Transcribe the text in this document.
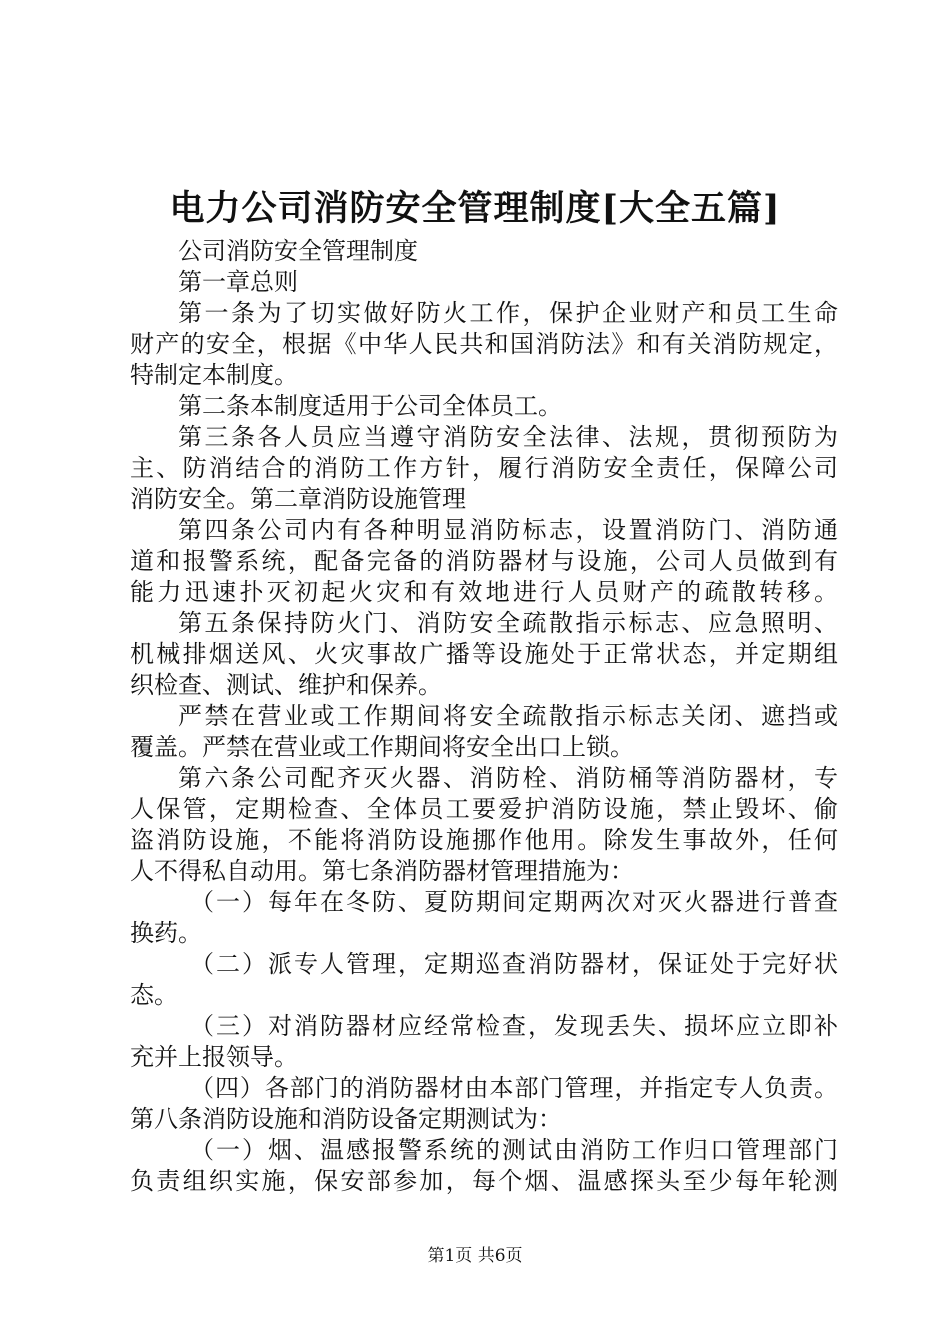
电力公司消防安全管理制度[大全五篇]
公司消防安全管理制度
第一章总则
第一条为了切实做好防火工作，保护企业财产和员工生命
财产的安全，根据《中华人民共和国消防法》和有关消防规定，
特制定本制度。
第二条本制度适用于公司全体员工。
第三条各人员应当遵守消防安全法律、法规，贯彻预防为
主、防消结合的消防工作方针，履行消防安全责任，保障公司
消防安全。第二章消防设施管理
第四条公司内有各种明显消防标志，设置消防门、消防通
道和报警系统，配备完备的消防器材与设施，公司人员做到有
能力迅速扑灭初起火灾和有效地进行人员财产的疏散转移。
第五条保持防火门、消防安全疏散指示标志、应急照明、
机械排烟送风、火灾事故广播等设施处于正常状态，并定期组
织检查、测试、维护和保养。
严禁在营业或工作期间将安全疏散指示标志关闭、遮挡或
覆盖。严禁在营业或工作期间将安全出口上锁。
第六条公司配齐灭火器、消防栓、消防桶等消防器材，专
人保管，定期检查、全体员工要爱护消防设施，禁止毁坏、偷
盗消防设施，不能将消防设施挪作他用。除发生事故外，任何
人不得私自动用。第七条消防器材管理措施为：
（一）每年在冬防、夏防期间定期两次对灭火器进行普查
换药。
（二）派专人管理，定期巡查消防器材，保证处于完好状
态。
（三）对消防器材应经常检查，发现丢失、损坏应立即补
充并上报领导。
（四）各部门的消防器材由本部门管理，并指定专人负责。
第八条消防设施和消防设备定期测试为：
（一）烟、温感报警系统的测试由消防工作归口管理部门
负责组织实施，保安部参加，每个烟、温感探头至少每年轮测
第1页 共6页
